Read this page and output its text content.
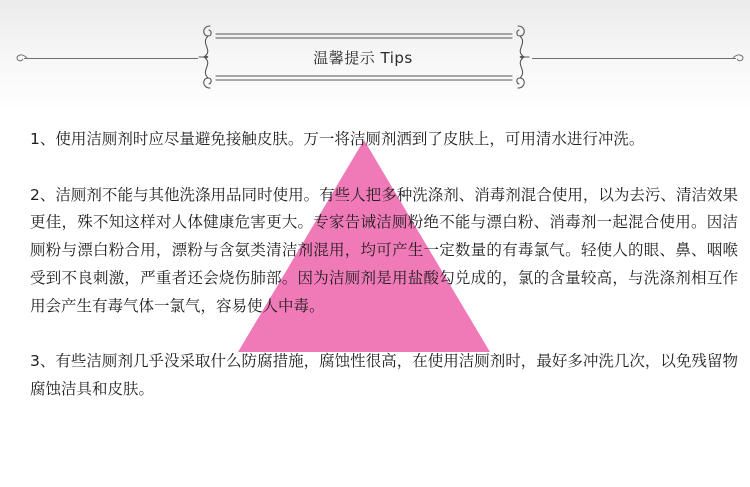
温馨提示 Tips

1、使用洁厕剂时应尽量避免接触皮肤。万一将洁厕剂洒到了皮肤上，可用清水进行冲洗。

2、洁厕剂不能与其他洗涤用品同时使用。有些人把多种洗涤剂、消毒剂混合使用，以为去污、清洁效果更佳，殊不知这样对人体健康危害更大。专家告诫洁厕粉绝不能与漂白粉、消毒剂一起混合使用。因洁厕粉与漂白粉合用，漂粉与含氨类清洁剂混用，均可产生一定数量的有毒氯气。轻使人的眼、鼻、咽喉受到不良刺激，严重者还会烧伤肺部。因为洁厕剂是用盐酸勾兑成的，氯的含量较高，与洗涤剂相互作用会产生有毒气体一氯气，容易使人中毒。

3、有些洁厕剂几乎没采取什么防腐措施，腐蚀性很高，在使用洁厕剂时，最好多冲洗几次，以免残留物腐蚀洁具和皮肤。
